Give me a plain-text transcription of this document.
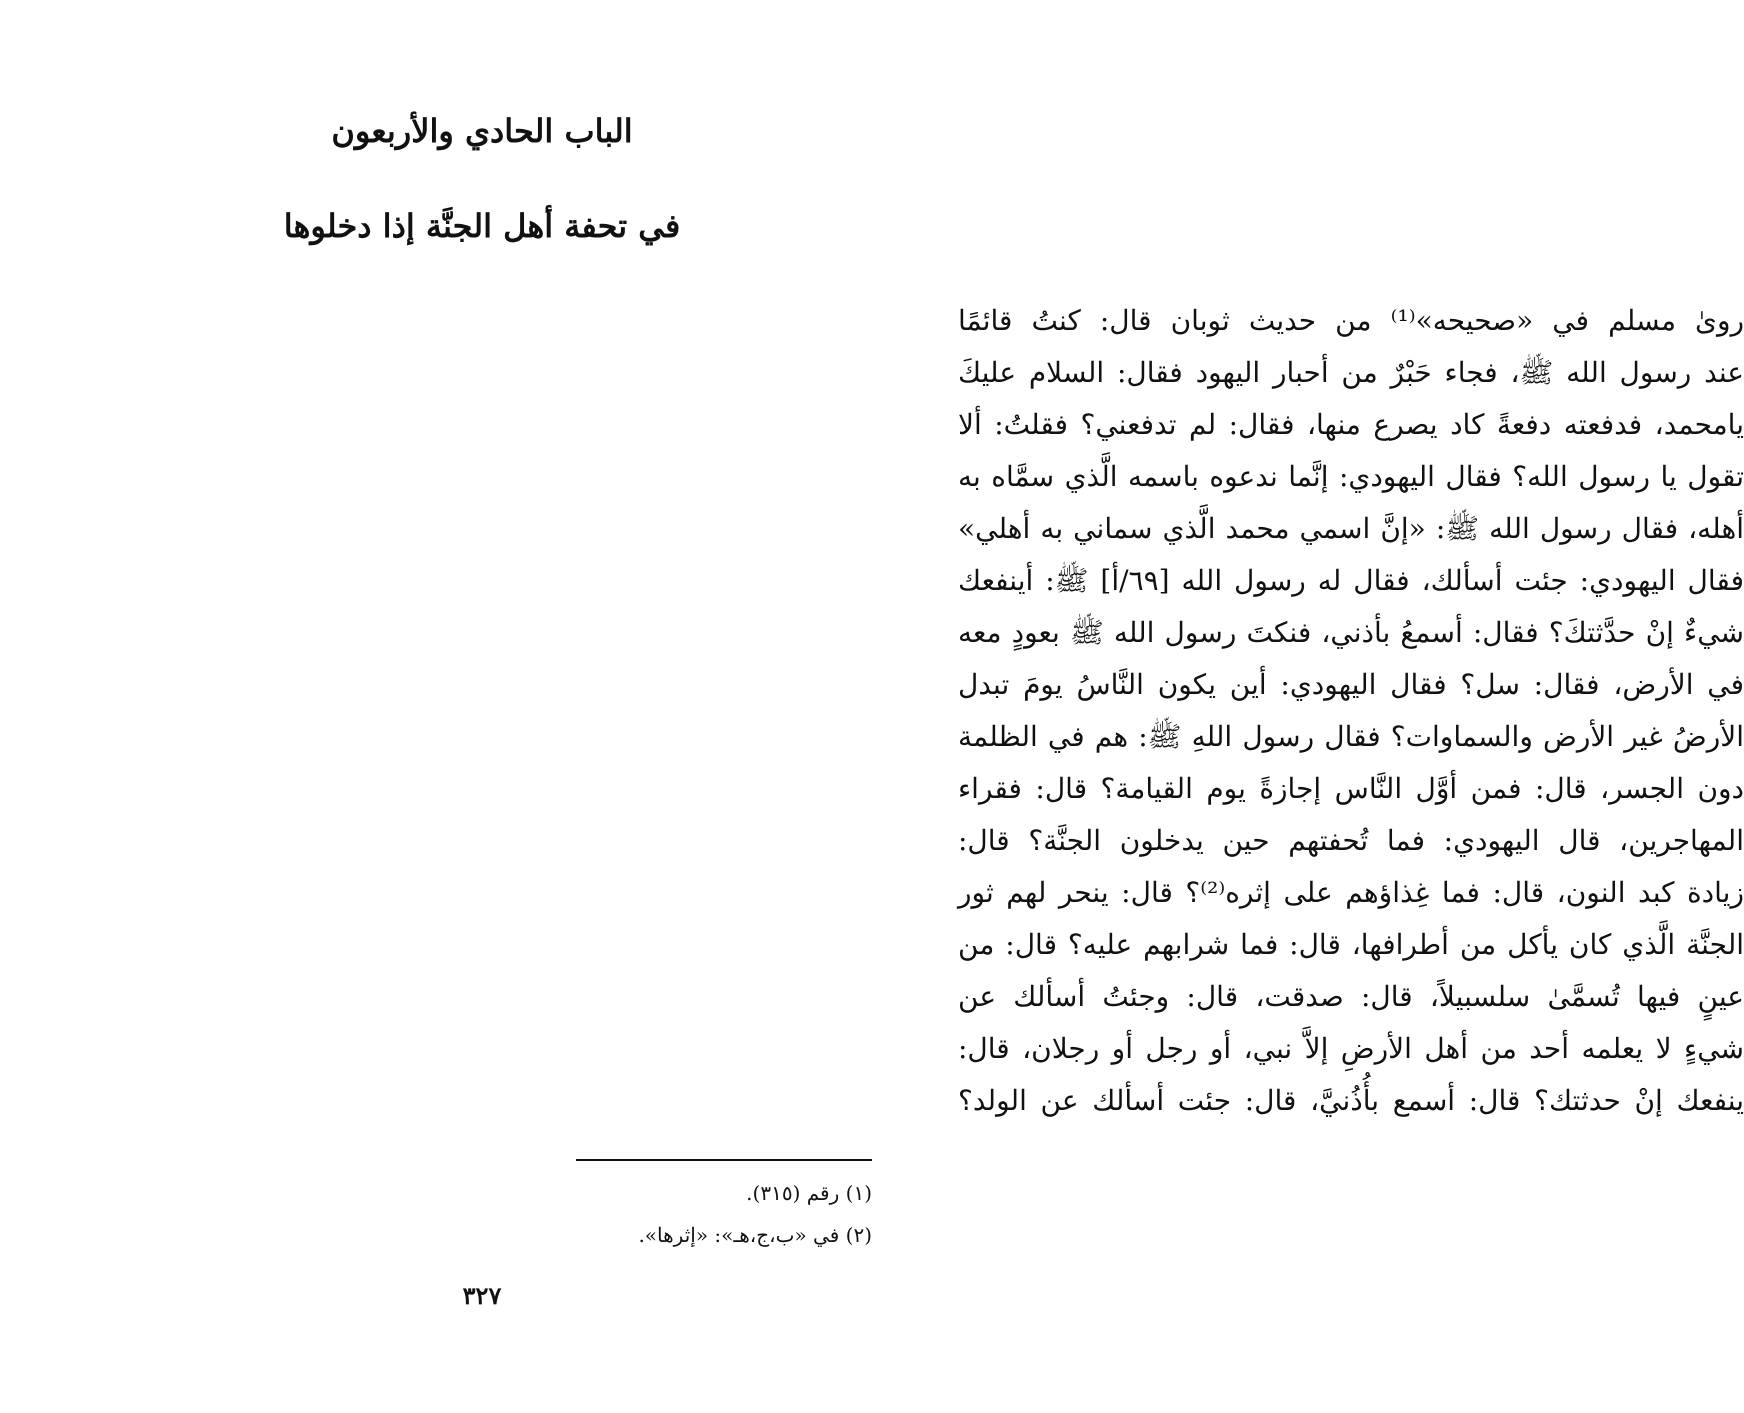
الباب الحادي والأربعون
في تحفة أهل الجنَّة إذا دخلوها
روىٰ مسلم في «صحيحه»⁽¹⁾ من حديث ثوبان قال: كنتُ قائمًا
عند رسول الله ﷺ، فجاء حَبْرٌ من أحبار اليهود فقال: السلام عليكَ
يامحمد، فدفعته دفعةً كاد يصرع منها، فقال: لم تدفعني؟ فقلتُ: ألا
تقول يا رسول الله؟ فقال اليهودي: إنَّما ندعوه باسمه الَّذي سمَّاه به
أهله، فقال رسول الله ﷺ: «إنَّ اسمي محمد الَّذي سماني به أهلي»
فقال اليهودي: جئت أسألك، فقال له رسول الله [٦٩/أ] ﷺ: أينفعك
شيءٌ إنْ حدَّثتكَ؟ فقال: أسمعُ بأذني، فنكتَ رسول الله ﷺ بعودٍ معه
في الأرض، فقال: سل؟ فقال اليهودي: أين يكون النَّاسُ يومَ تبدل
الأرضُ غير الأرض والسماوات؟ فقال رسول اللهِ ﷺ: هم في الظلمة
دون الجسر، قال: فمن أوَّل النَّاس إجازةً يوم القيامة؟ قال: فقراء
المهاجرين، قال اليهودي: فما تُحفتهم حين يدخلون الجنَّة؟ قال:
زيادة كبد النون، قال: فما غِذاؤهم على إثره⁽²⁾؟ قال: ينحر لهم ثور
الجنَّة الَّذي كان يأكل من أطرافها، قال: فما شرابهم عليه؟ قال: من
عينٍ فيها تُسمَّىٰ سلسبيلاً، قال: صدقت، قال: وجئتُ أسألك عن
شيءٍ لا يعلمه أحد من أهل الأرضِ إلاَّ نبي، أو رجل أو رجلان، قال:
ينفعك إنْ حدثتك؟ قال: أسمع بأُذُنيَّ، قال: جئت أسألك عن الولد؟
(١) رقم (٣١٥).
(٢) في «ب،ج،هـ»: «إثرها».
٣٢٧
